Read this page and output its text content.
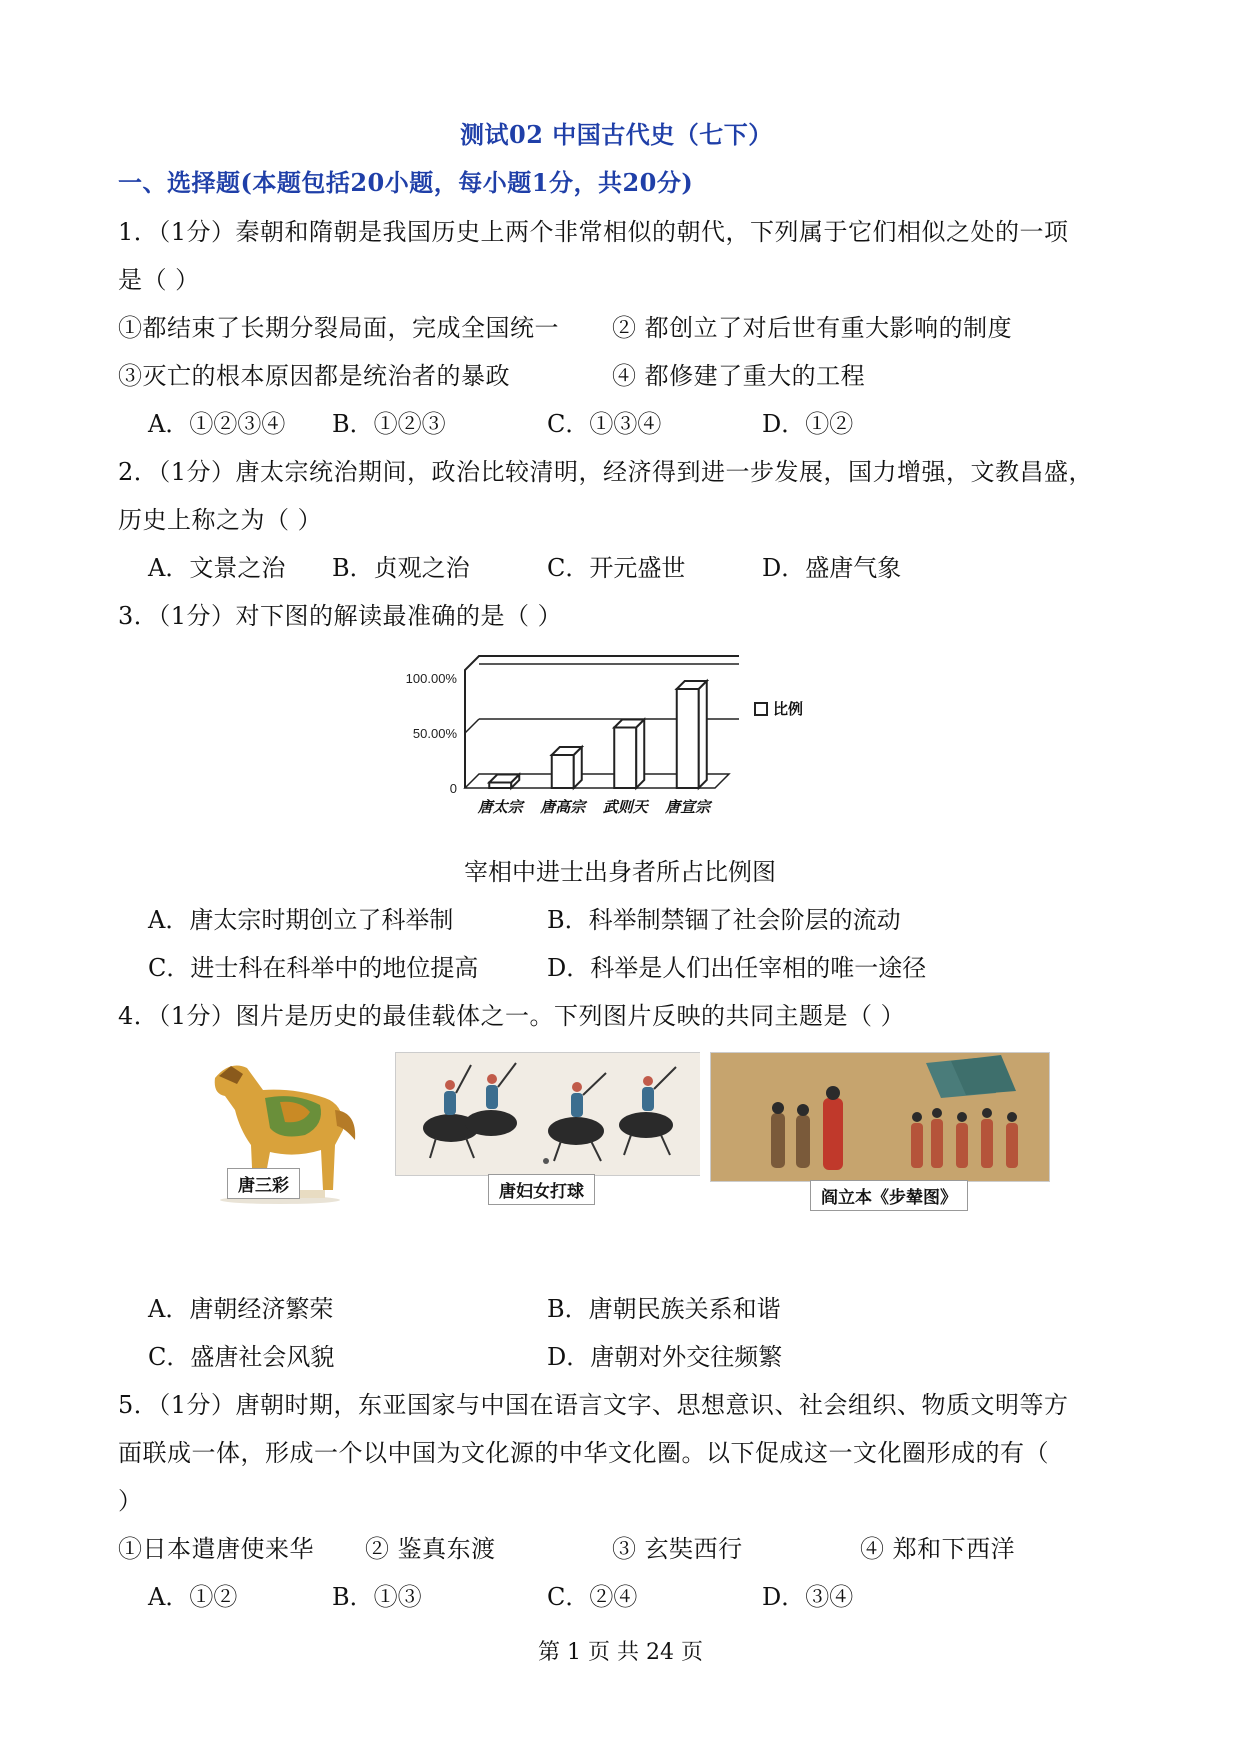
测试02 中国古代史（七下）
一、选择题(本题包括20小题，每小题1分，共20分)
1．（1分）秦朝和隋朝是我国历史上两个非常相似的朝代，下列属于它们相似之处的一项
是（ ）
①都结束了长期分裂局面，完成全国统一 ② 都创立了对后世有重大影响的制度
③灭亡的根本原因都是统治者的暴政	④ 都修建了重大的工程
A．①②③④ B．①②③	C．①③④	D．①②
2．（1分）唐太宗统治期间，政治比较清明，经济得到进一步发展，国力增强，文教昌盛，
历史上称之为（ ）
A．文景之治 B．贞观之治	C．开元盛世	D．盛唐气象
3．（1分）对下图的解读最准确的是（ ）
100.00%
50.00%
0
唐太宗 唐高宗 武则天 唐宣宗
比例
宰相中进士出身者所占比例图
A．唐太宗时期创立了科举制	B．科举制禁锢了社会阶层的流动
C．进士科在科举中的地位提高	D．科举是人们出任宰相的唯一途径
4．（1分）图片是历史的最佳载体之一。下列图片反映的共同主题是（ ）
唐三彩	唐妇女打球	阎立本《步辇图》
A．唐朝经济繁荣	B．唐朝民族关系和谐
C．盛唐社会风貌	D．唐朝对外交往频繁
5．（1分）唐朝时期，东亚国家与中国在语言文字、思想意识、社会组织、物质文明等方
面联成一体，形成一个以中国为文化源的中华文化圈。以下促成这一文化圈形成的有（
）
①日本遣唐使来华 ② 鉴真东渡	③ 玄奘西行	④ 郑和下西洋
A．①②	B．①③	C．②④	D．③④
第 1 页 共 24 页
